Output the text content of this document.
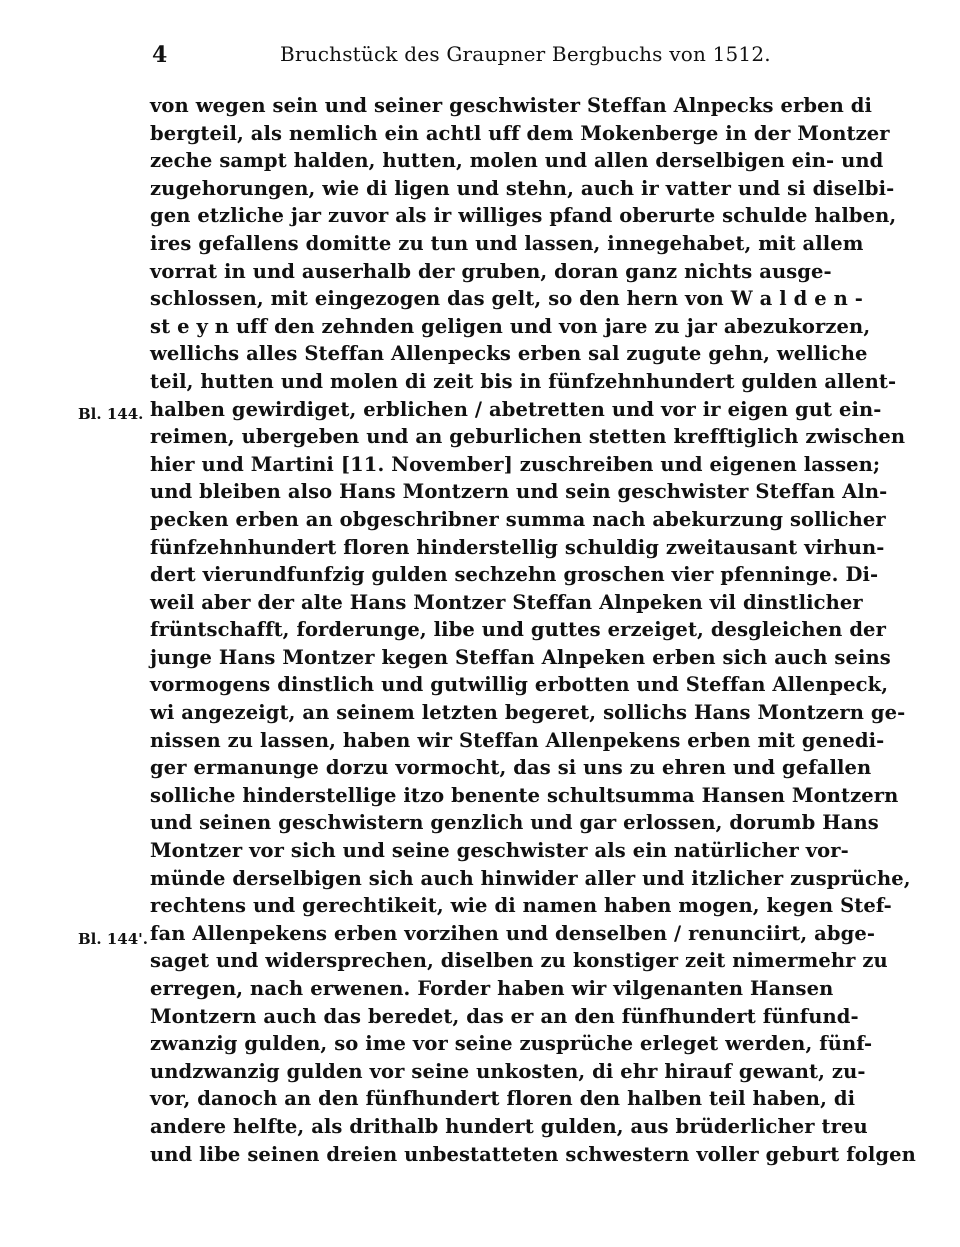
4	Bruchstück des Graupner Bergbuchs von 1512.
Bl. 144.
Bl. 144'.
von wegen sein und seiner geschwister Steffan Alnpecks erben di
bergteil, als nemlich ein achtl uff dem Mokenberge in der Montzer
zeche sampt halden, hutten, molen und allen derselbigen ein- und
zugehorungen, wie di ligen und stehn, auch ir vatter und si diselbi-
gen etzliche jar zuvor als ir williges pfand oberurte schulde halben,
ires gefallens domitte zu tun und lassen, innegehabet, mit allem
vorrat in und auserhalb der gruben, doran ganz nichts ausge-
schlossen, mit eingezogen das gelt, so den hern von W a l d e n -
st e y n uff den zehnden geligen und von jare zu jar abezukorzen,
wellichs alles Steffan Allenpecks erben sal zugute gehn, welliche
teil, hutten und molen di zeit bis in fünfzehnhundert gulden allent-
halben gewirdiget, erblichen / abetretten und vor ir eigen gut ein-
reimen, ubergeben und an geburlichen stetten krefftiglich zwischen
hier und Martini [11. November] zuschreiben und eigenen lassen;
und bleiben also Hans Montzern und sein geschwister Steffan Aln-
pecken erben an obgeschribner summa nach abekurzung sollicher
fünfzehnhundert floren hinderstellig schuldig zweitausant virhun-
dert vierundfunfzig gulden sechzehn groschen vier pfenninge. Di-
weil aber der alte Hans Montzer Steffan Alnpeken vil dinstlicher
früntschafft, forderunge, libe und guttes erzeiget, desgleichen der
junge Hans Montzer kegen Steffan Alnpeken erben sich auch seins
vormogens dinstlich und gutwillig erbotten und Steffan Allenpeck,
wi angezeigt, an seinem letzten begeret, sollichs Hans Montzern ge-
nissen zu lassen, haben wir Steffan Allenpekens erben mit genedi-
ger ermanunge dorzu vormocht, das si uns zu ehren und gefallen
solliche hinderstellige itzo benente schultsumma Hansen Montzern
und seinen geschwistern genzlich und gar erlossen, dorumb Hans
Montzer vor sich und seine geschwister als ein natürlicher vor-
münde derselbigen sich auch hinwider aller und itzlicher zusprüche,
rechtens und gerechtikeit, wie di namen haben mogen, kegen Stef-
fan Allenpekens erben vorzihen und denselben / renunciirt, abge-
saget und widersprechen, diselben zu konstiger zeit nimermehr zu
erregen, nach erwenen. Forder haben wir vilgenanten Hansen
Montzern auch das beredet, das er an den fünfhundert fünfund-
zwanzig gulden, so ime vor seine zusprüche erleget werden, fünf-
undzwanzig gulden vor seine unkosten, di ehr hirauf gewant, zu-
vor, danoch an den fünfhundert floren den halben teil haben, di
andere helfte, als drithalb hundert gulden, aus brüderlicher treu
und libe seinen dreien unbestatteten schwestern voller geburt folgen
